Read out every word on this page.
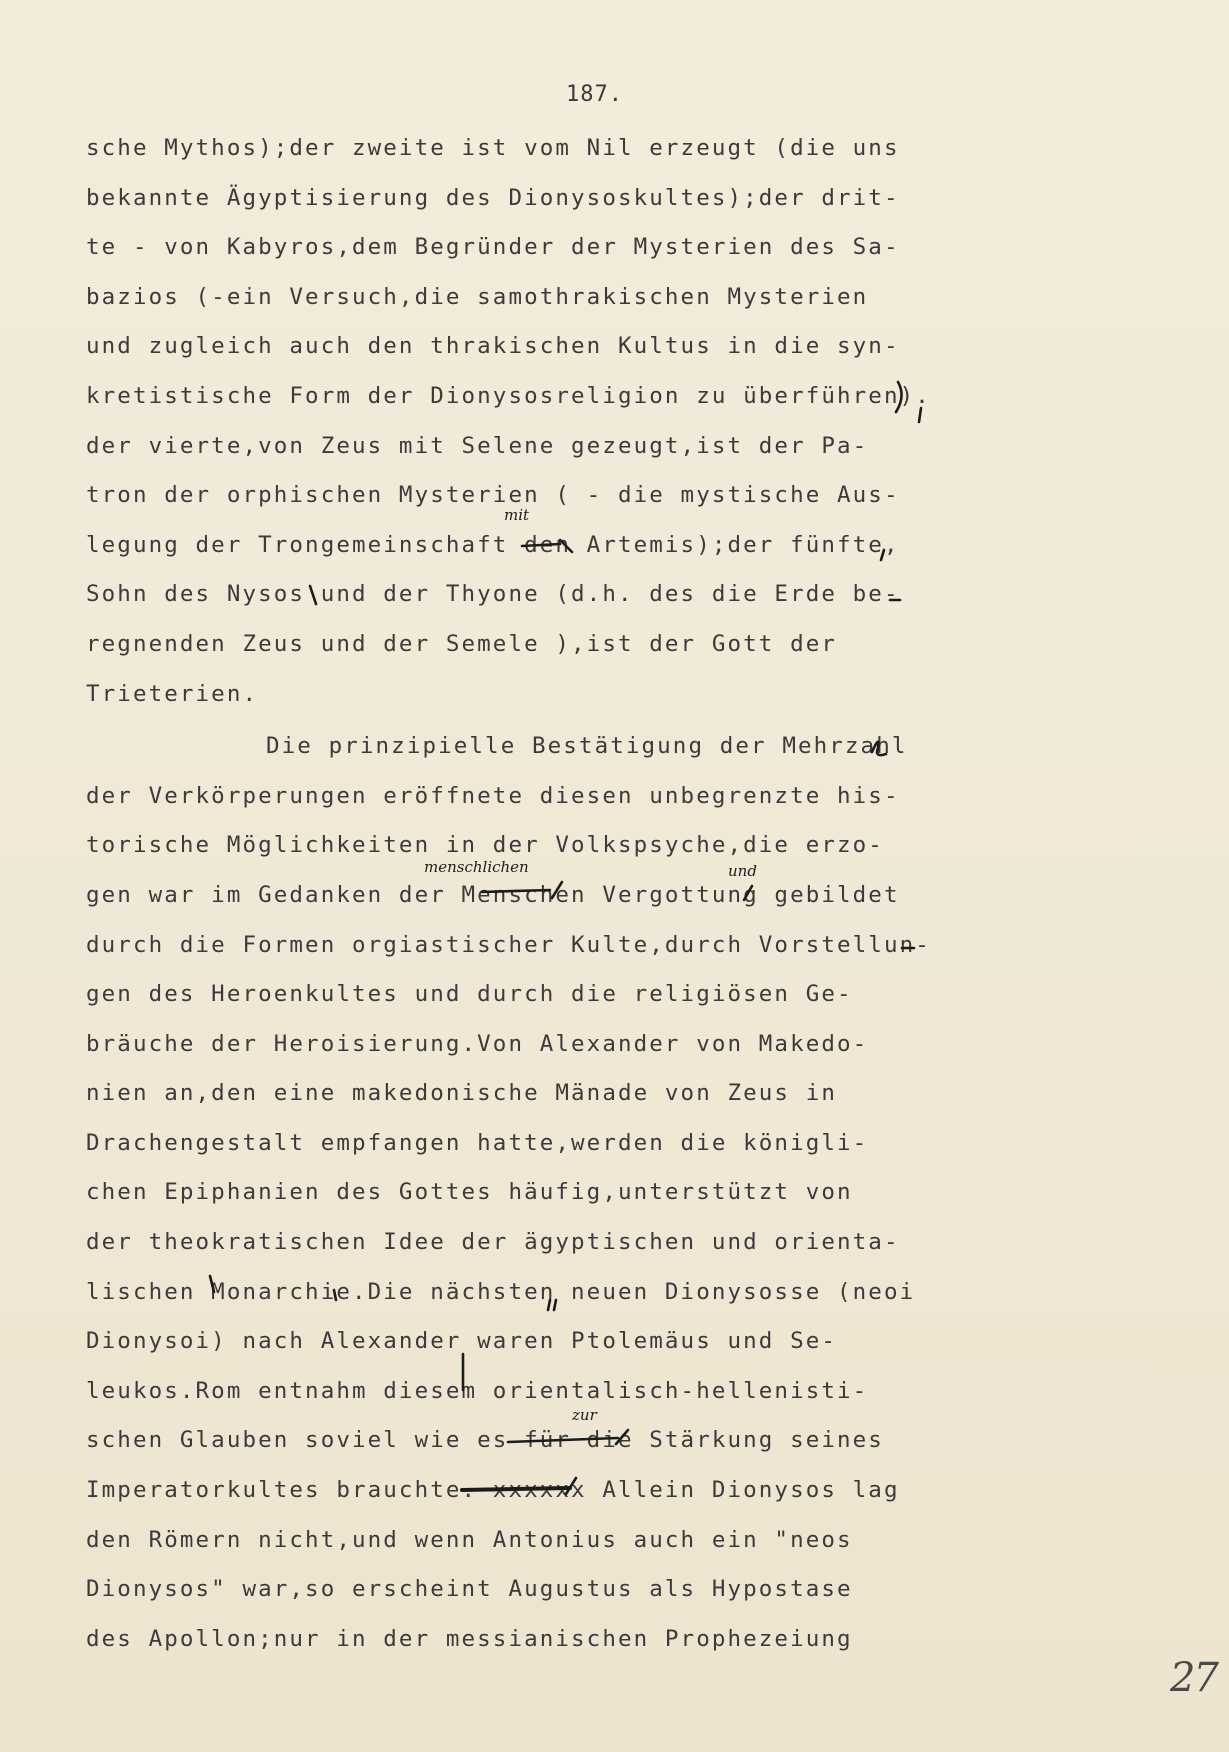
187.
sche Mythos);der zweite ist vom Nil erzeugt (die uns
bekannte Ägyptisierung des Dionysoskultes);der drit-
te - von Kabyros,dem Begründer der Mysterien des Sa-
bazios (-ein Versuch,die samothrakischen Mysterien
und zugleich auch den thrakischen Kultus in die syn-
kretistische Form der Dionysosreligion zu überführen).
der vierte,von Zeus mit Selene gezeugt,ist der Pa-
tron der orphischen Mysterien ( - die mystische Aus-
legung der Trongemeinschaft den Artemis);der fünfte,
Sohn des Nysos und der Thyone (d.h. des die Erde be-
regnenden Zeus und der Semele ),ist der Gott der
Trieterien.
Die prinzipielle Bestätigung der Mehrzahl
der Verkörperungen eröffnete diesen unbegrenzte his-
torische Möglichkeiten in der Volkspsyche,die erzo-
gen war im Gedanken der Menschen Vergottung gebildet
durch die Formen orgiastischer Kulte,durch Vorstellun-
gen des Heroenkultes und durch die religiösen Ge-
bräuche der Heroisierung.Von Alexander von Makedo-
nien an,den eine makedonische Mänade von Zeus in
Drachengestalt empfangen hatte,werden die königli-
chen Epiphanien des Gottes häufig,unterstützt von
der theokratischen Idee der ägyptischen und orienta-
lischen Monarchie.Die nächsten neuen Dionysosse (neoi
Dionysoi) nach Alexander waren Ptolemäus und Se-
leukos.Rom entnahm diesem orientalisch-hellenisti-
schen Glauben soviel wie es für die Stärkung seines
Imperatorkultes brauchte. xxxxxx Allein Dionysos lag
den Römern nicht,und wenn Antonius auch ein "neos
Dionysos" war,so erscheint Augustus als Hypostase
des Apollon;nur in der messianischen Prophezeiung
mit
menschlichen	und
zur
27
